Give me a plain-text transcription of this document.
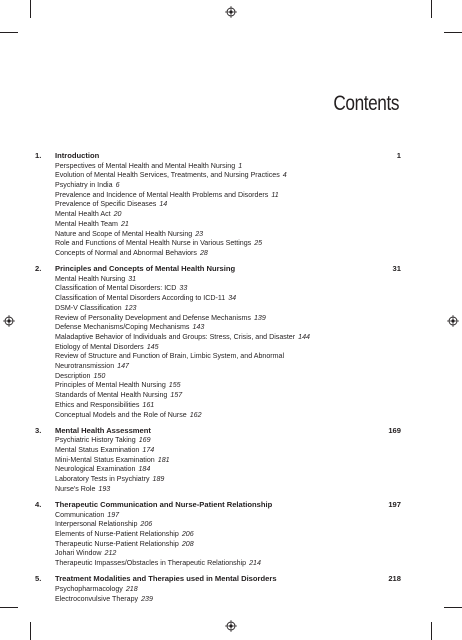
Contents
1. Introduction	1
Perspectives of Mental Health and Mental Health Nursing 1
Evolution of Mental Health Services, Treatments, and Nursing Practices 4
Psychiatry in India 6
Prevalence and Incidence of Mental Health Problems and Disorders 11
Prevalence of Specific Diseases 14
Mental Health Act 20
Mental Health Team 21
Nature and Scope of Mental Health Nursing 23
Role and Functions of Mental Health Nurse in Various Settings 25
Concepts of Normal and Abnormal Behaviors 28
2. Principles and Concepts of Mental Health Nursing	31
Mental Health Nursing 31
Classification of Mental Disorders: ICD 33
Classification of Mental Disorders According to ICD-11 34
DSM-V Classification 123
Review of Personality Development and Defense Mechanisms 139
Defense Mechanisms/Coping Mechanisms 143
Maladaptive Behavior of Individuals and Groups: Stress, Crisis, and Disaster 144
Etiology of Mental Disorders 145
Review of Structure and Function of Brain, Limbic System, and Abnormal
Neurotransmission 147
Description 150
Principles of Mental Health Nursing 155
Standards of Mental Health Nursing 157
Ethics and Responsibilities 161
Conceptual Models and the Role of Nurse 162
3. Mental Health Assessment	169
Psychiatric History Taking 169
Mental Status Examination 174
Mini-Mental Status Examination 181
Neurological Examination 184
Laboratory Tests in Psychiatry 189
Nurse's Role 193
4. Therapeutic Communication and Nurse-Patient Relationship	197
Communication 197
Interpersonal Relationship 206
Elements of Nurse-Patient Relationship 206
Therapeutic Nurse-Patient Relationship 208
Johari Window 212
Therapeutic Impasses/Obstacles in Therapeutic Relationship 214
5. Treatment Modalities and Therapies used in Mental Disorders	218
Psychopharmacology 218
Electroconvulsive Therapy 239
